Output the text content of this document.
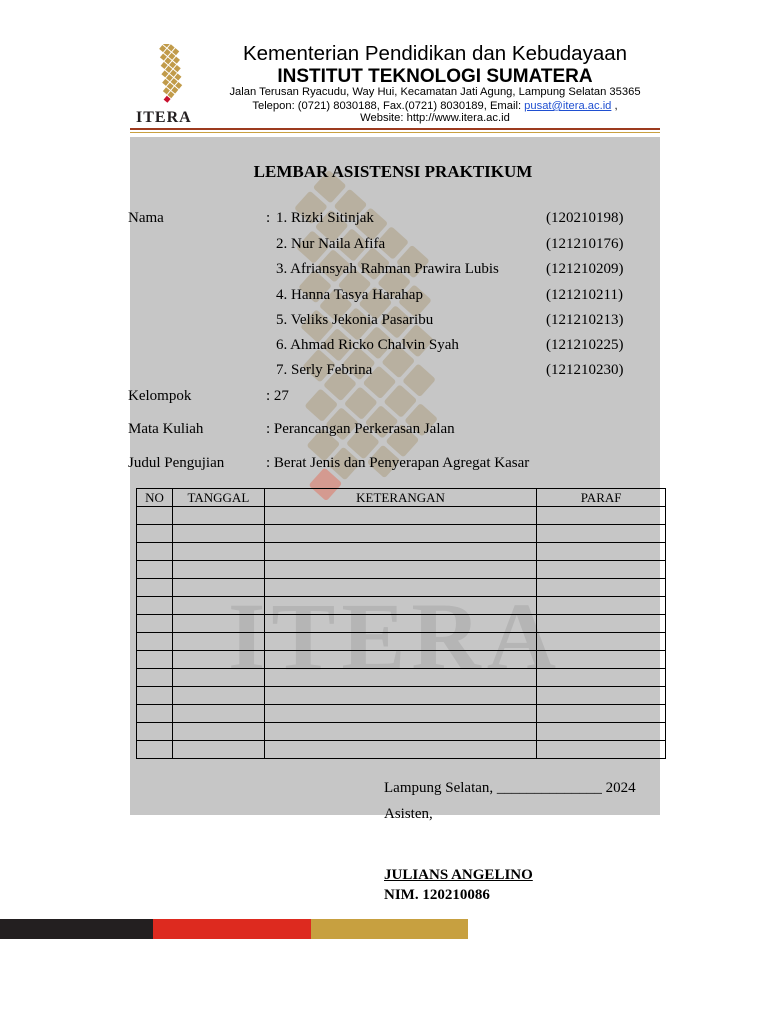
ITERA
Kementerian Pendidikan dan Kebudayaan
INSTITUT TEKNOLOGI SUMATERA
Jalan Terusan Ryacudu, Way Hui, Kecamatan Jati Agung, Lampung Selatan 35365
Telepon: (0721) 8030188, Fax.(0721) 8030189, Email: pusat@itera.ac.id ,
Website: http://www.itera.ac.id
ITERA
LEMBAR ASISTENSI PRAKTIKUM
Nama	: 1. Rizki Sitinjak	(120210198)
2. Nur Naila Afifa	(121210176)
3. Afriansyah Rahman Prawira Lubis	(121210209)
4. Hanna Tasya Harahap	(121210211)
5. Veliks Jekonia Pasaribu	(121210213)
6. Ahmad Ricko Chalvin Syah	(121210225)
7. Serly Febrina	(121210230)
Kelompok	: 27
Mata Kuliah	: Perancangan Perkerasan Jalan
Judul Pengujian	: Berat Jenis dan Penyerapan Agregat Kasar
NO	TANGGAL	KETERANGAN	PARAF

Lampung Selatan, ______________ 2024
Asisten,
JULIANS ANGELINO
NIM. 120210086
